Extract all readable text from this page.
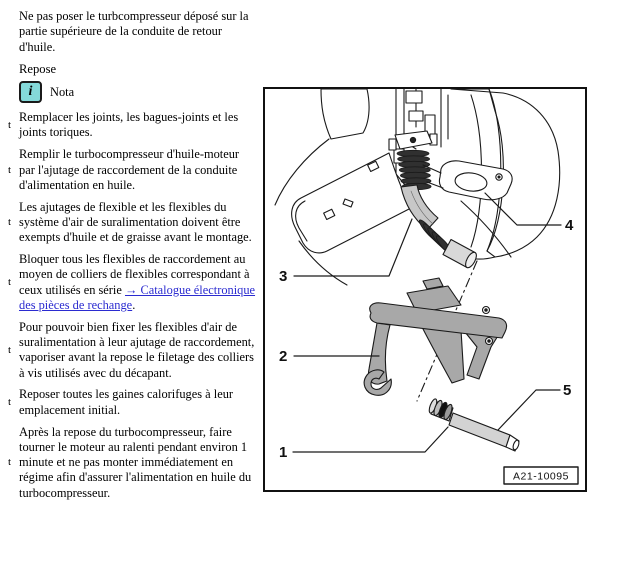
Ne pas poser le turbcompresseur déposé sur la partie supérieure de la conduite de retour d'huile.

Repose

i	Nota
t
Remplacer les joints, les bagues-joints et les joints toriques.
t
Remplir le turbocompresseur d'huile-moteur par l'ajutage de raccordement de la conduite d'alimentation en huile.
t
Les ajutages de flexible et les flexibles du système d'air de suralimentation doivent être exempts d'huile et de graisse avant le montage.
t
Bloquer tous les flexibles de raccordement au moyen de colliers de flexibles correspondant à ceux utilisés en série → Catalogue électronique des pièces de rechange.
t
Pour pouvoir bien fixer les flexibles d'air de suralimentation à leur ajutage de raccordement, vaporiser avant la repose le filetage des colliers à vis utilisés avec du décapant.
t
Reposer toutes les gaines calorifuges à leur emplacement initial.
t
Après la repose du turbocompresseur, faire tourner le moteur au ralenti pendant environ 1 minute et ne pas monter immédiatement en régime afin d'assurer l'alimentation en huile du turbocompresseur.
1
2
3
4
5
A21-10095
